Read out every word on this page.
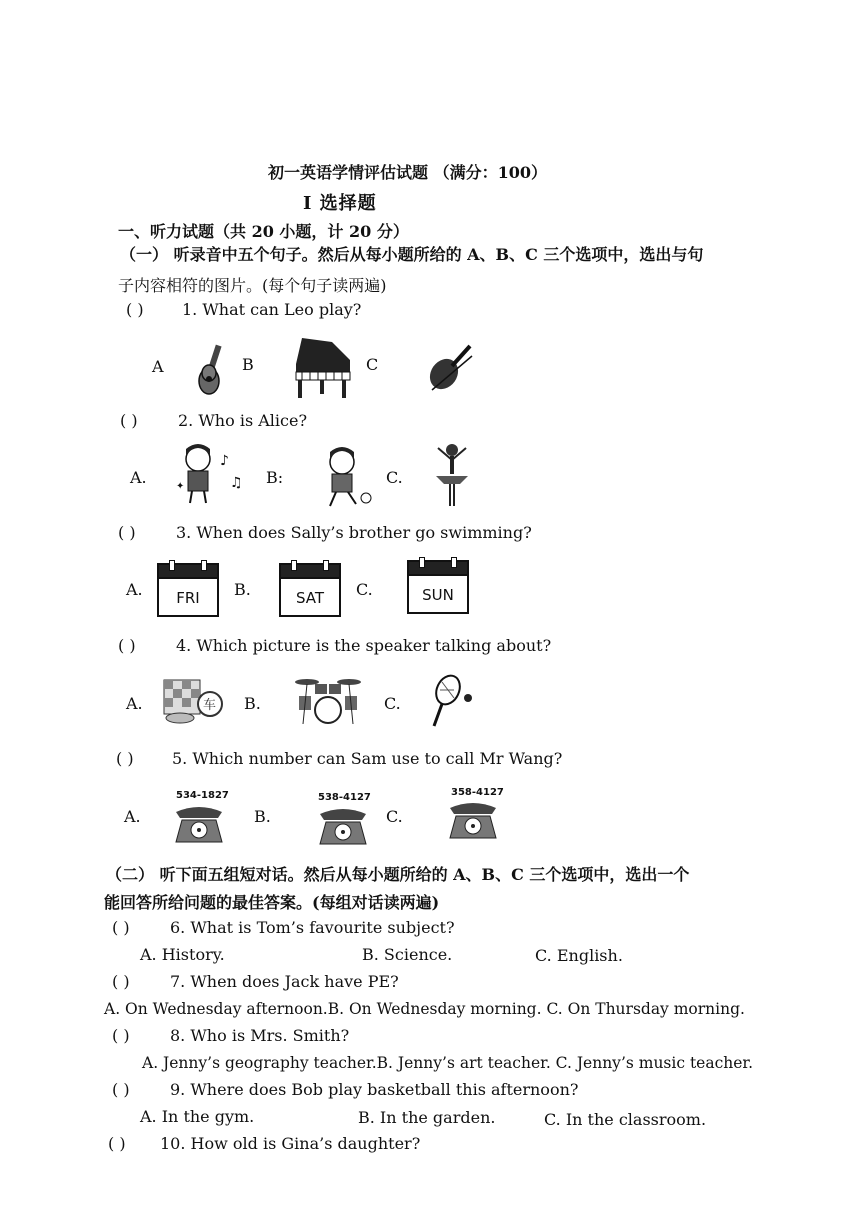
初一英语学情评估试题 （满分：100）
I 选择题
一、听力试题（共 20 小题，计 20 分）
（一） 听录音中五个句子。然后从每小题所给的 A、B、C 三个选项中，选出与句
子内容相符的图片。(每个句子读两遍)
( ) 1. What can Leo play?
A	B	C
( )	2. Who is Alice?
A.	B:	C.
♪
♫
✦
( )	3. When does Sally’s brother go swimming?
A.	B.	C.
FRI	SAT	SUN
( )	4. Which picture is the speaker talking about?
A.	B.	C.
车
( ) 5. Which number can Sam use to call Mr Wang?
A.	B.	C.
534-1827	538-4127	358-4127
（二） 听下面五组短对话。然后从每小题所给的 A、B、C 三个选项中，选出一个
能回答所给问题的最佳答案。(每组对话读两遍)
( )	6. What is Tom’s favourite subject?
A. History.	B. Science.	C. English.
( )	7. When does Jack have PE?
A. On Wednesday afternoon.B. On Wednesday morning. C. On Thursday morning.
( )	8. Who is Mrs. Smith?
A. Jenny’s geography teacher.B. Jenny’s art teacher. C. Jenny’s music teacher.
( )	9. Where does Bob play basketball this afternoon?
A. In the gym.	B. In the garden.	C. In the classroom.
( ) 10. How old is Gina’s daughter?
